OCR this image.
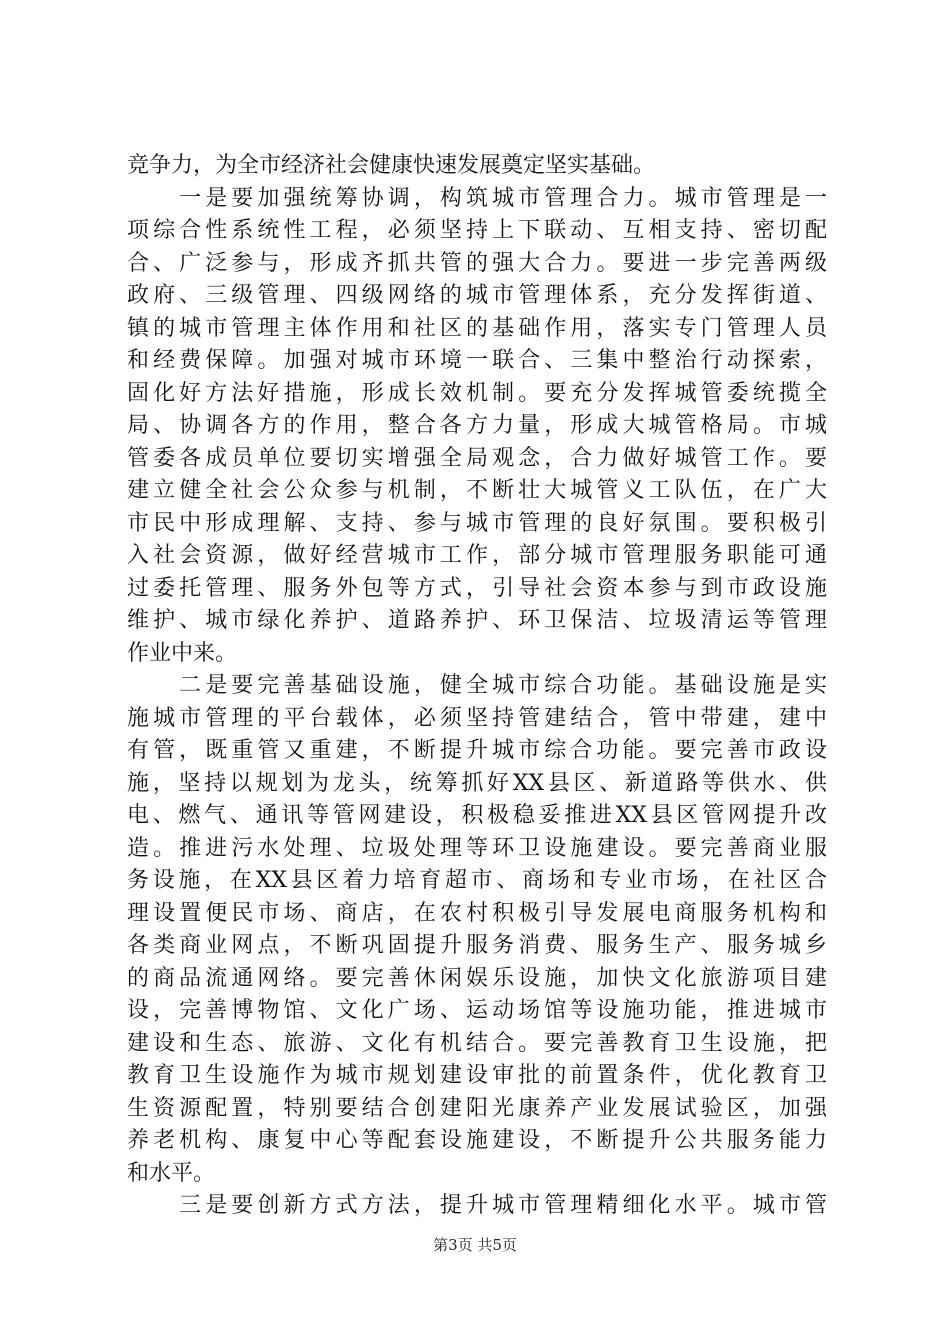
竞争力，为全市经济社会健康快速发展奠定坚实基础。
　　一是要加强统筹协调，构筑城市管理合力。城市管理是一
项综合性系统性工程，必须坚持上下联动、互相支持、密切配
合、广泛参与，形成齐抓共管的强大合力。要进一步完善两级
政府、三级管理、四级网络的城市管理体系，充分发挥街道、
镇的城市管理主体作用和社区的基础作用，落实专门管理人员
和经费保障。加强对城市环境一联合、三集中整治行动探索，
固化好方法好措施，形成长效机制。要充分发挥城管委统揽全
局、协调各方的作用，整合各方力量，形成大城管格局。市城
管委各成员单位要切实增强全局观念，合力做好城管工作。要
建立健全社会公众参与机制，不断壮大城管义工队伍，在广大
市民中形成理解、支持、参与城市管理的良好氛围。要积极引
入社会资源，做好经营城市工作，部分城市管理服务职能可通
过委托管理、服务外包等方式，引导社会资本参与到市政设施
维护、城市绿化养护、道路养护、环卫保洁、垃圾清运等管理
作业中来。
　　二是要完善基础设施，健全城市综合功能。基础设施是实
施城市管理的平台载体，必须坚持管建结合，管中带建，建中
有管，既重管又重建，不断提升城市综合功能。要完善市政设
施，坚持以规划为龙头，统筹抓好XX县区、新道路等供水、供
电、燃气、通讯等管网建设，积极稳妥推进XX县区管网提升改
造。推进污水处理、垃圾处理等环卫设施建设。要完善商业服
务设施，在XX县区着力培育超市、商场和专业市场，在社区合
理设置便民市场、商店，在农村积极引导发展电商服务机构和
各类商业网点，不断巩固提升服务消费、服务生产、服务城乡
的商品流通网络。要完善休闲娱乐设施，加快文化旅游项目建
设，完善博物馆、文化广场、运动场馆等设施功能，推进城市
建设和生态、旅游、文化有机结合。要完善教育卫生设施，把
教育卫生设施作为城市规划建设审批的前置条件，优化教育卫
生资源配置，特别要结合创建阳光康养产业发展试验区，加强
养老机构、康复中心等配套设施建设，不断提升公共服务能力
和水平。
　　三是要创新方式方法，提升城市管理精细化水平。城市管
第3页 共5页
